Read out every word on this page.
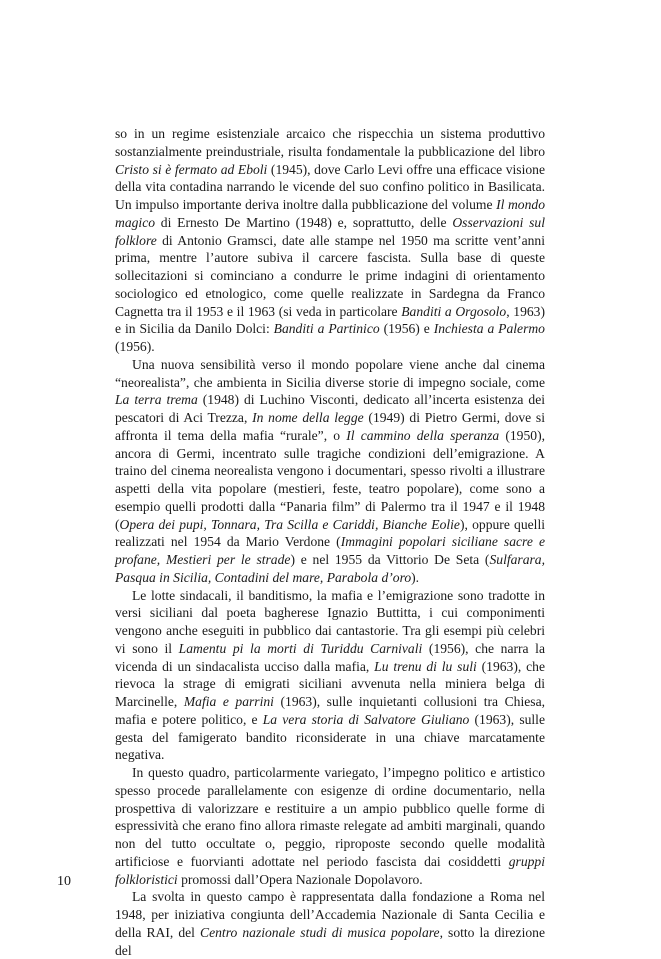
so in un regime esistenziale arcaico che rispecchia un sistema produttivo sostanzialmente preindustriale, risulta fondamentale la pubblicazione del libro Cristo si è fermato ad Eboli (1945), dove Carlo Levi offre una efficace visione della vita contadina narrando le vicende del suo confino politico in Basilicata. Un impulso importante deriva inoltre dalla pubblicazione del volume Il mondo magico di Ernesto De Martino (1948) e, soprattutto, delle Osservazioni sul folklore di Antonio Gramsci, date alle stampe nel 1950 ma scritte vent’anni prima, mentre l’autore subiva il carcere fascista. Sulla base di queste sollecitazioni si cominciano a condurre le prime indagini di orientamento sociologico ed etnologico, come quelle realizzate in Sardegna da Franco Cagnetta tra il 1953 e il 1963 (si veda in particolare Banditi a Orgosolo, 1963) e in Sicilia da Danilo Dolci: Banditi a Partinico (1956) e Inchiesta a Palermo (1956).

Una nuova sensibilità verso il mondo popolare viene anche dal cinema “neorealista”, che ambienta in Sicilia diverse storie di impegno sociale, come La terra trema (1948) di Luchino Visconti, dedicato all’incerta esistenza dei pescatori di Aci Trezza, In nome della legge (1949) di Pietro Germi, dove si affronta il tema della mafia “rurale”, o Il cammino della speranza (1950), ancora di Germi, incentrato sulle tragiche condizioni dell’emigrazione. A traino del cinema neorealista vengono i documentari, spesso rivolti a illustrare aspetti della vita popolare (mestieri, feste, teatro popolare), come sono a esempio quelli prodotti dalla “Panaria film” di Palermo tra il 1947 e il 1948 (Opera dei pupi, Tonnara, Tra Scilla e Cariddi, Bianche Eolie), oppure quelli realizzati nel 1954 da Mario Verdone (Immagini popolari siciliane sacre e profane, Mestieri per le strade) e nel 1955 da Vittorio De Seta (Sulfarara, Pasqua in Sicilia, Contadini del mare, Parabola d’oro).

Le lotte sindacali, il banditismo, la mafia e l’emigrazione sono tradotte in versi siciliani dal poeta bagherese Ignazio Buttitta, i cui componimenti vengono anche eseguiti in pubblico dai cantastorie. Tra gli esempi più celebri vi sono il Lamentu pi la morti di Turiddu Carnivali (1956), che narra la vicenda di un sindacalista ucciso dalla mafia, Lu trenu di lu suli (1963), che rievoca la strage di emigrati siciliani avvenuta nella miniera belga di Marcinelle, Mafia e parrini (1963), sulle inquietanti collusioni tra Chiesa, mafia e potere politico, e La vera storia di Salvatore Giuliano (1963), sulle gesta del famigerato bandito riconsiderate in una chiave marcatamente negativa.

In questo quadro, particolarmente variegato, l’impegno politico e artistico spesso procede parallelamente con esigenze di ordine documentario, nella prospettiva di valorizzare e restituire a un ampio pubblico quelle forme di espressività che erano fino allora rimaste relegate ad ambiti marginali, quando non del tutto occultate o, peggio, riproposte secondo quelle modalità artificiose e fuorvianti adottate nel periodo fascista dai cosiddetti gruppi folkloristici promossi dall’Opera Nazionale Dopolavoro.

La svolta in questo campo è rappresentata dalla fondazione a Roma nel 1948, per iniziativa congiunta dell’Accademia Nazionale di Santa Cecilia e della RAI, del Centro nazionale studi di musica popolare, sotto la direzione del

10
